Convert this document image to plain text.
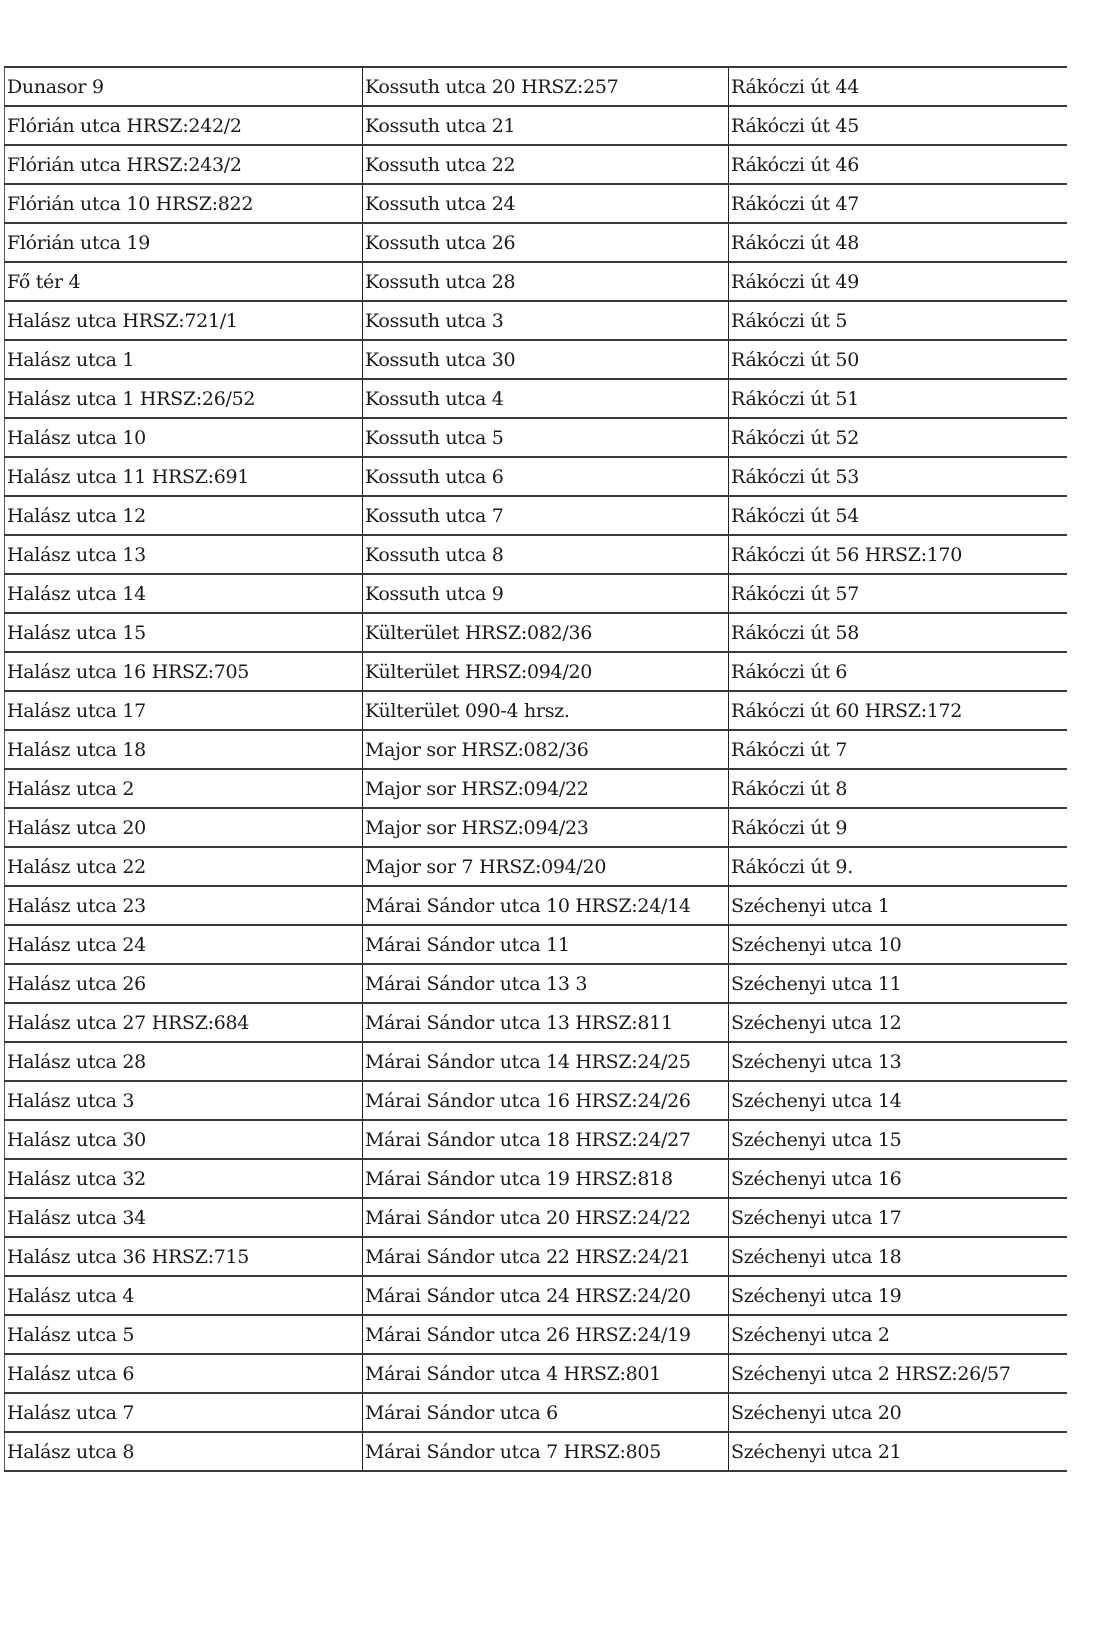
Dunasor 9	Kossuth utca 20 HRSZ:257	Rákóczi út 44
Flórián utca HRSZ:242/2	Kossuth utca 21	Rákóczi út 45
Flórián utca HRSZ:243/2	Kossuth utca 22	Rákóczi út 46
Flórián utca 10 HRSZ:822	Kossuth utca 24	Rákóczi út 47
Flórián utca 19	Kossuth utca 26	Rákóczi út 48
Fő tér 4	Kossuth utca 28	Rákóczi út 49
Halász utca HRSZ:721/1	Kossuth utca 3	Rákóczi út 5
Halász utca 1	Kossuth utca 30	Rákóczi út 50
Halász utca 1 HRSZ:26/52	Kossuth utca 4	Rákóczi út 51
Halász utca 10	Kossuth utca 5	Rákóczi út 52
Halász utca 11 HRSZ:691	Kossuth utca 6	Rákóczi út 53
Halász utca 12	Kossuth utca 7	Rákóczi út 54
Halász utca 13	Kossuth utca 8	Rákóczi út 56 HRSZ:170
Halász utca 14	Kossuth utca 9	Rákóczi út 57
Halász utca 15	Külterület HRSZ:082/36	Rákóczi út 58
Halász utca 16 HRSZ:705	Külterület HRSZ:094/20	Rákóczi út 6
Halász utca 17	Külterület 090-4 hrsz.	Rákóczi út 60 HRSZ:172
Halász utca 18	Major sor HRSZ:082/36	Rákóczi út 7
Halász utca 2	Major sor HRSZ:094/22	Rákóczi út 8
Halász utca 20	Major sor HRSZ:094/23	Rákóczi út 9
Halász utca 22	Major sor 7 HRSZ:094/20	Rákóczi út 9.
Halász utca 23	Márai Sándor utca 10 HRSZ:24/14	Széchenyi utca 1
Halász utca 24	Márai Sándor utca 11	Széchenyi utca 10
Halász utca 26	Márai Sándor utca 13 3	Széchenyi utca 11
Halász utca 27 HRSZ:684	Márai Sándor utca 13 HRSZ:811	Széchenyi utca 12
Halász utca 28	Márai Sándor utca 14 HRSZ:24/25	Széchenyi utca 13
Halász utca 3	Márai Sándor utca 16 HRSZ:24/26	Széchenyi utca 14
Halász utca 30	Márai Sándor utca 18 HRSZ:24/27	Széchenyi utca 15
Halász utca 32	Márai Sándor utca 19 HRSZ:818	Széchenyi utca 16
Halász utca 34	Márai Sándor utca 20 HRSZ:24/22	Széchenyi utca 17
Halász utca 36 HRSZ:715	Márai Sándor utca 22 HRSZ:24/21	Széchenyi utca 18
Halász utca 4	Márai Sándor utca 24 HRSZ:24/20	Széchenyi utca 19
Halász utca 5	Márai Sándor utca 26 HRSZ:24/19	Széchenyi utca 2
Halász utca 6	Márai Sándor utca 4 HRSZ:801	Széchenyi utca 2 HRSZ:26/57
Halász utca 7	Márai Sándor utca 6	Széchenyi utca 20
Halász utca 8	Márai Sándor utca 7 HRSZ:805	Széchenyi utca 21
